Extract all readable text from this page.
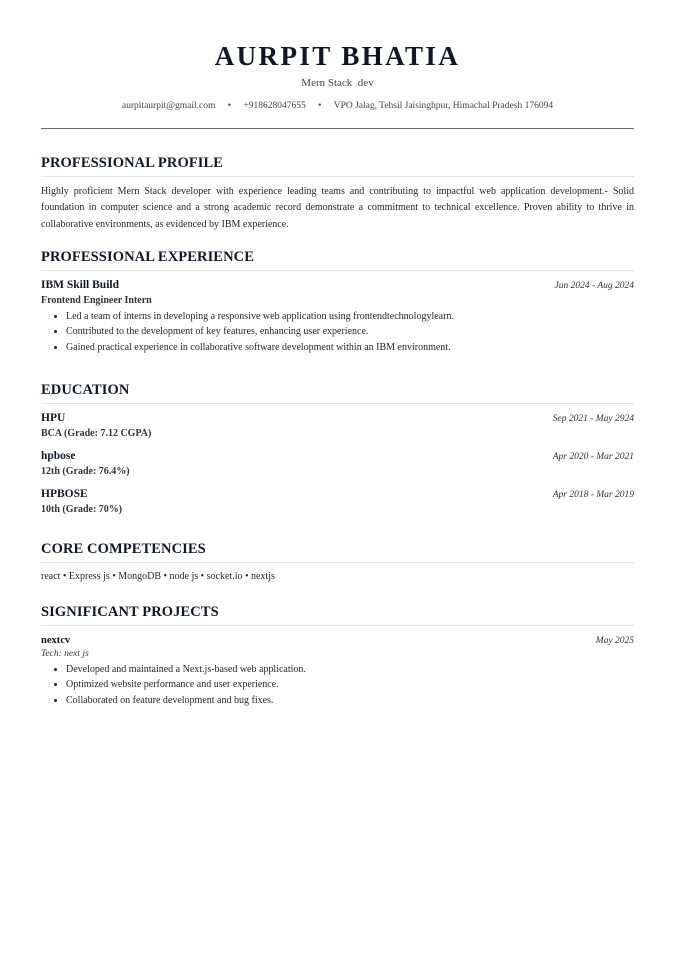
AURPIT BHATIA
Mern Stack  dev
aurpitaurpit@gmail.com • +918628047655 • VPO Jalag, Tehsil Jaisinghpur, Himachal Pradesh 176094
PROFESSIONAL PROFILE

Highly proficient Mern Stack developer with experience leading teams and contributing to impactful web application development.- Solid foundation in computer science and a strong academic record demonstrate a commitment to technical excellence. Proven ability to thrive in collaborative environments, as evidenced by IBM experience.

PROFESSIONAL EXPERIENCE
IBM Skill Build	Jun 2024 - Aug 2024
Frontend Engineer Intern
• Led a team of interns in developing a responsive web application using frontendtechnologylearn.
• Contributed to the development of key features, enhancing user experience.
• Gained practical experience in collaborative software development within an IBM environment.
EDUCATION
HPU	Sep 2021 - May 2924
BCA (Grade: 7.12 CGPA)
hpbose	Apr 2020 - Mar 2021
12th (Grade: 76.4%)
HPBOSE	Apr 2018 - Mar 2019
10th (Grade: 70%)
CORE COMPETENCIES
react • Express js • MongoDB • node js • socket.io • nextjs
SIGNIFICANT PROJECTS
nextcv	May 2025
Tech: next js
• Developed and maintained a Next.js-based web application.
• Optimized website performance and user experience.
• Collaborated on feature development and bug fixes.
